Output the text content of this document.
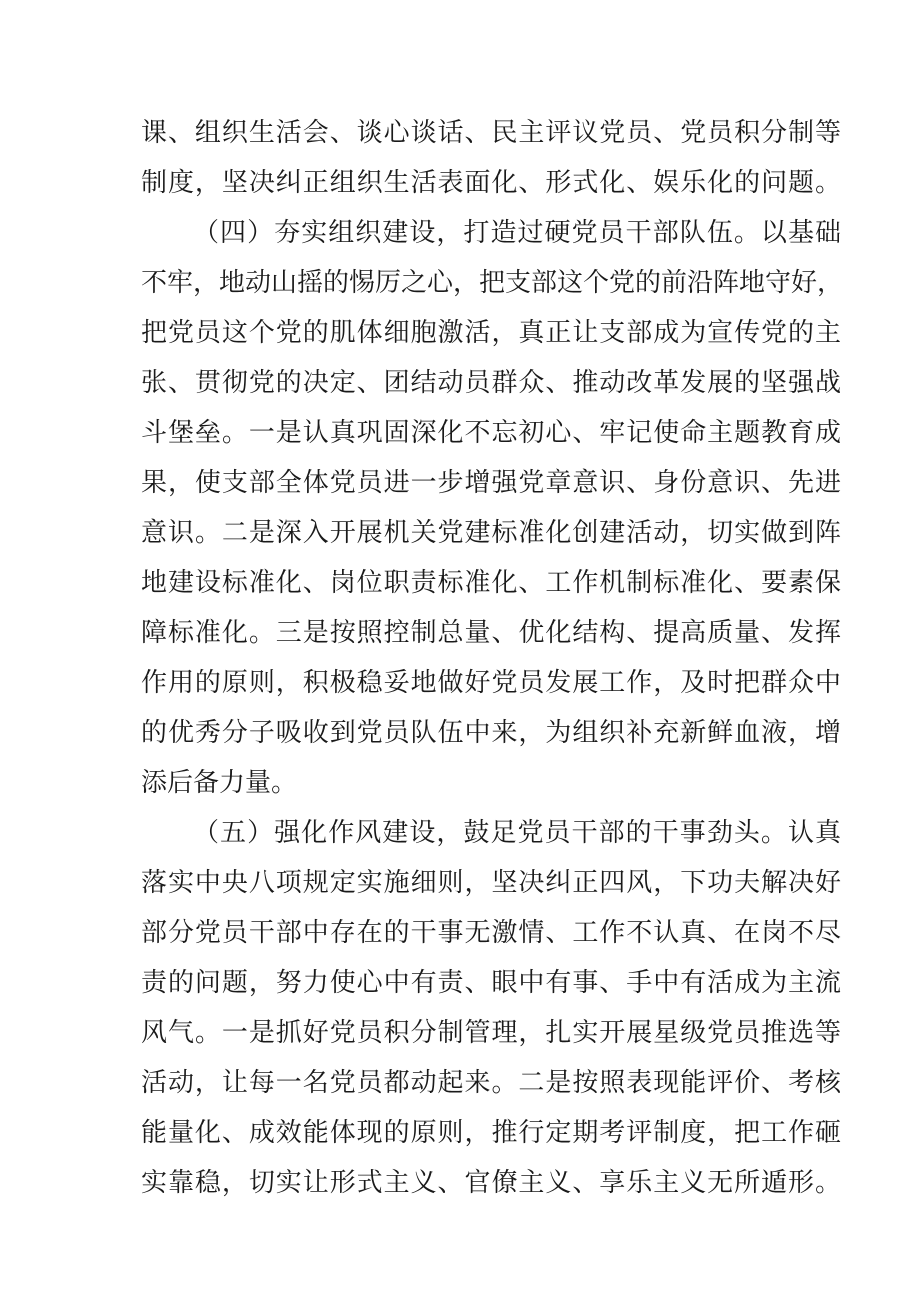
课、组织生活会、谈心谈话、民主评议党员、党员积分制等
制度，坚决纠正组织生活表面化、形式化、娱乐化的问题。
（四）夯实组织建设，打造过硬党员干部队伍。以基础
不牢，地动山摇的惕厉之心，把支部这个党的前沿阵地守好，
把党员这个党的肌体细胞激活，真正让支部成为宣传党的主
张、贯彻党的决定、团结动员群众、推动改革发展的坚强战
斗堡垒。一是认真巩固深化不忘初心、牢记使命主题教育成
果，使支部全体党员进一步增强党章意识、身份意识、先进
意识。二是深入开展机关党建标准化创建活动，切实做到阵
地建设标准化、岗位职责标准化、工作机制标准化、要素保
障标准化。三是按照控制总量、优化结构、提高质量、发挥
作用的原则，积极稳妥地做好党员发展工作，及时把群众中
的优秀分子吸收到党员队伍中来，为组织补充新鲜血液，增
添后备力量。
（五）强化作风建设，鼓足党员干部的干事劲头。认真
落实中央八项规定实施细则，坚决纠正四风，下功夫解决好
部分党员干部中存在的干事无激情、工作不认真、在岗不尽
责的问题，努力使心中有责、眼中有事、手中有活成为主流
风气。一是抓好党员积分制管理，扎实开展星级党员推选等
活动，让每一名党员都动起来。二是按照表现能评价、考核
能量化、成效能体现的原则，推行定期考评制度，把工作砸
实靠稳，切实让形式主义、官僚主义、享乐主义无所遁形。
